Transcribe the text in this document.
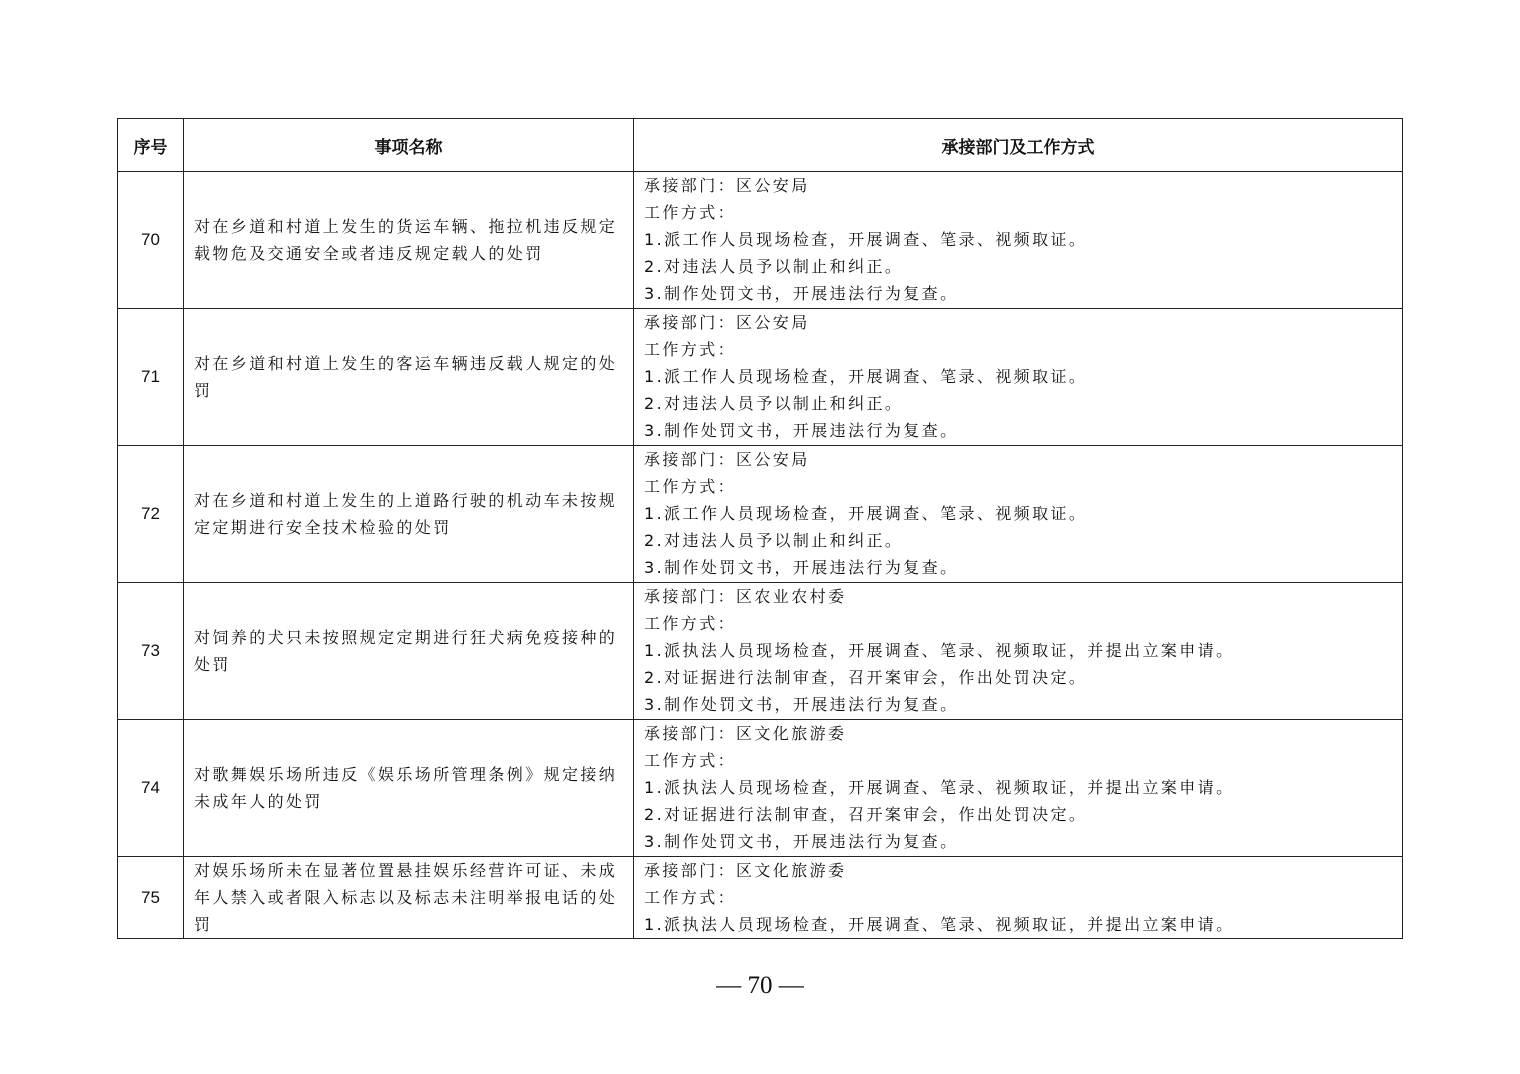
序号	事项名称	承接部门及工作方式
70	对在乡道和村道上发生的货运车辆、拖拉机违反规定载物危及交通安全或者违反规定载人的处罚	承接部门：区公安局
工作方式：
1.派工作人员现场检查，开展调查、笔录、视频取证。
2.对违法人员予以制止和纠正。
3.制作处罚文书，开展违法行为复查。

71	对在乡道和村道上发生的客运车辆违反载人规定的处罚	承接部门：区公安局
工作方式：
1.派工作人员现场检查，开展调查、笔录、视频取证。
2.对违法人员予以制止和纠正。
3.制作处罚文书，开展违法行为复查。

72	对在乡道和村道上发生的上道路行驶的机动车未按规定定期进行安全技术检验的处罚	承接部门：区公安局
工作方式：
1.派工作人员现场检查，开展调查、笔录、视频取证。
2.对违法人员予以制止和纠正。
3.制作处罚文书，开展违法行为复查。

73	对饲养的犬只未按照规定定期进行狂犬病免疫接种的处罚	承接部门：区农业农村委
工作方式：
1.派执法人员现场检查，开展调查、笔录、视频取证，并提出立案申请。
2.对证据进行法制审查，召开案审会，作出处罚决定。
3.制作处罚文书，开展违法行为复查。

74	对歌舞娱乐场所违反《娱乐场所管理条例》规定接纳未成年人的处罚	承接部门：区文化旅游委
工作方式：
1.派执法人员现场检查，开展调查、笔录、视频取证，并提出立案申请。
2.对证据进行法制审查，召开案审会，作出处罚决定。
3.制作处罚文书，开展违法行为复查。

75	对娱乐场所未在显著位置悬挂娱乐经营许可证、未成年人禁入或者限入标志以及标志未注明举报电话的处罚	承接部门：区文化旅游委
工作方式：
1.派执法人员现场检查，开展调查、笔录、视频取证，并提出立案申请。
— 70 —
